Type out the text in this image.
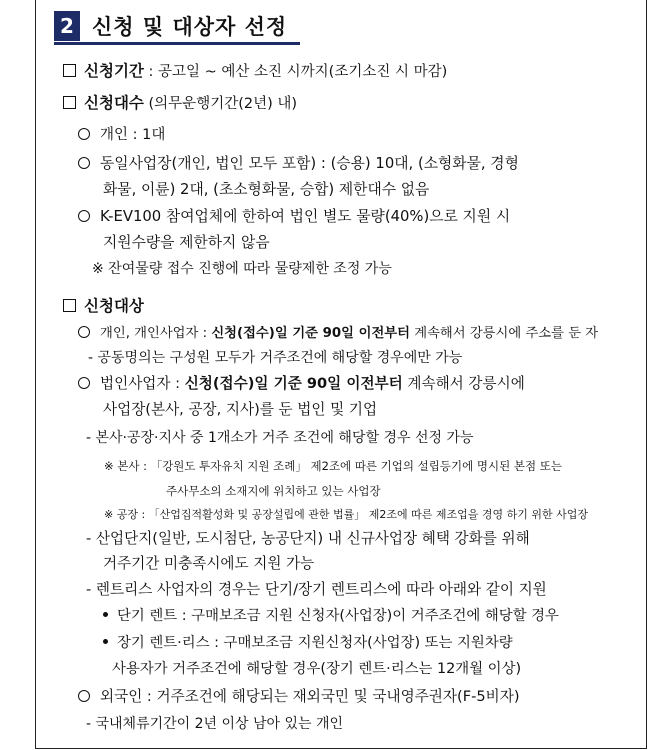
2 신청 및 대상자 선정
신청기간 : 공고일 ~ 예산 소진 시까지(조기소진 시 마감)
신청대수 (의무운행기간(2년) 내)
개인 : 1대
동일사업장(개인, 법인 모두 포함) : (승용) 10대, (소형화물, 경형
화물, 이륜) 2대, (초소형화물, 승합) 제한대수 없음
K-EV100 참여업체에 한하여 법인 별도 물량(40%)으로 지원 시
지원수량을 제한하지 않음
※ 잔여물량 접수 진행에 따라 물량제한 조정 가능
신청대상
개인, 개인사업자 : 신청(접수)일 기준 90일 이전부터 계속해서 강릉시에 주소를 둔 자
- 공동명의는 구성원 모두가 거주조건에 해당할 경우에만 가능
법인사업자 : 신청(접수)일 기준 90일 이전부터 계속해서 강릉시에
사업장(본사, 공장, 지사)를 둔 법인 및 기업
- 본사·공장·지사 중 1개소가 거주 조건에 해당할 경우 선정 가능
※ 본사 : 「강원도 투자유치 지원 조례」 제2조에 따른 기업의 설립등기에 명시된 본점 또는
주사무소의 소재지에 위치하고 있는 사업장
※ 공장 : 「산업집적활성화 및 공장설립에 관한 법률」 제2조에 따른 제조업을 경영 하기 위한 사업장
- 산업단지(일반, 도시첨단, 농공단지) 내 신규사업장 혜택 강화를 위해
거주기간 미충족시에도 지원 가능
- 렌트리스 사업자의 경우는 단기/장기 렌트리스에 따라 아래와 같이 지원
단기 렌트 : 구매보조금 지원 신청자(사업장)이 거주조건에 해당할 경우
장기 렌트·리스 : 구매보조금 지원신청자(사업장) 또는 지원차량
사용자가 거주조건에 해당할 경우(장기 렌트·리스는 12개월 이상)
외국인 : 거주조건에 해당되는 재외국민 및 국내영주권자(F-5비자)
- 국내체류기간이 2년 이상 남아 있는 개인
